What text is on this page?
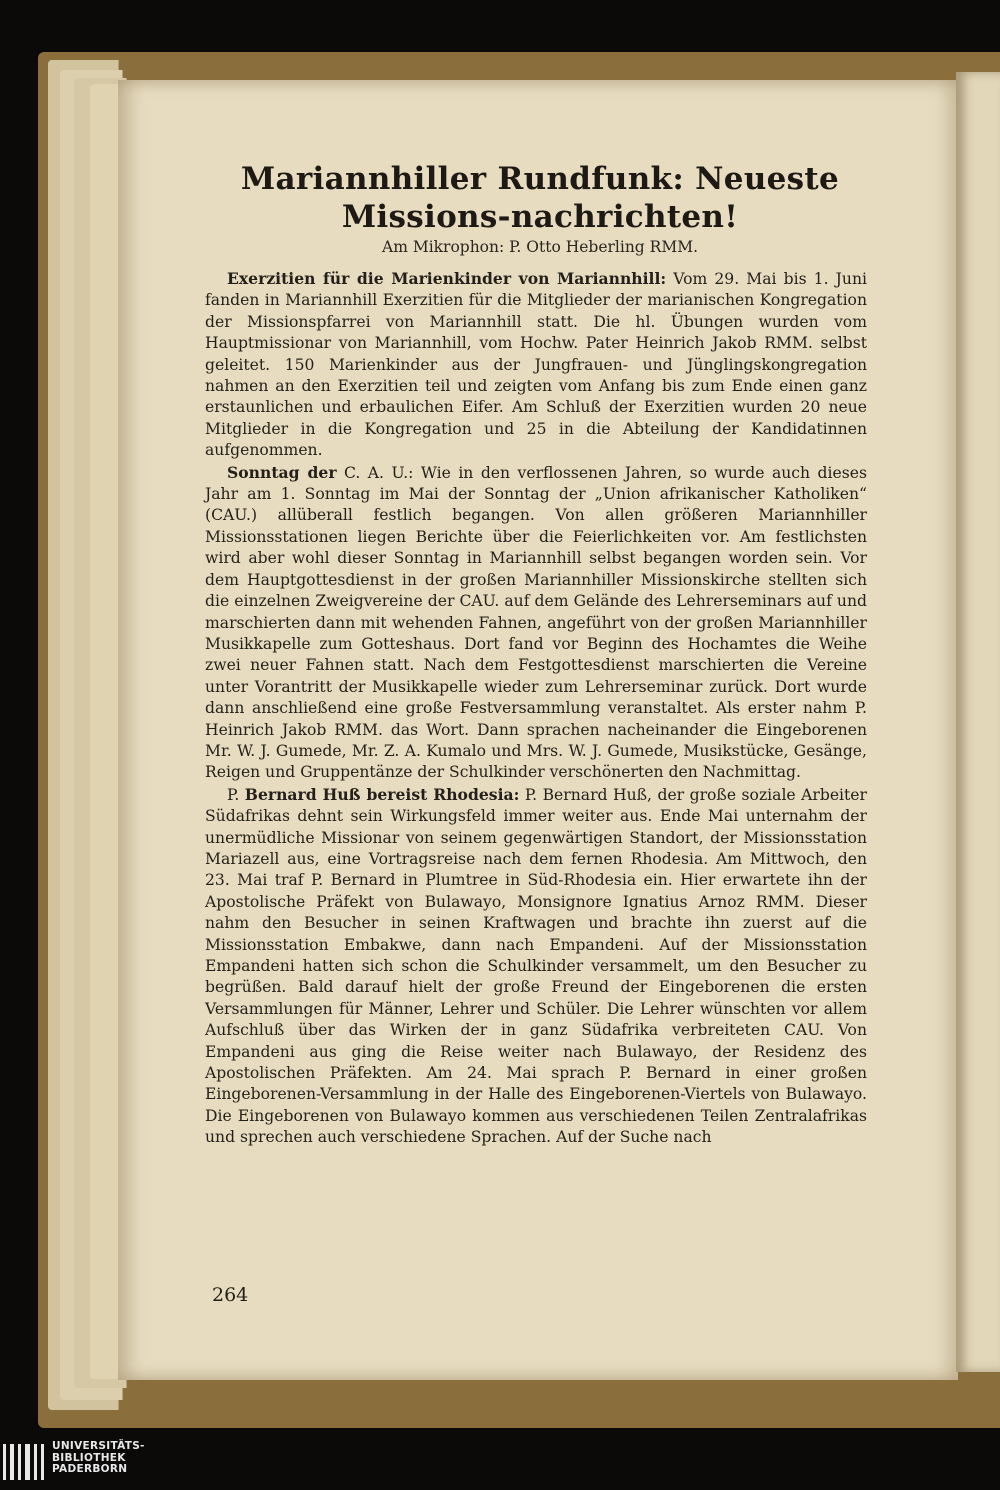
Mariannhiller Rundfunk: Neueste Missions-nachrichten!
Am Mikrophon: P. Otto Heberling RMM.

Exerzitien für die Marienkinder von Mariannhill: Vom 29. Mai bis 1. Juni fanden in Mariannhill Exerzitien für die Mitglieder der marianischen Kongregation der Missionspfarrei von Mariannhill statt. Die hl. Übungen wurden vom Hauptmissionar von Mariannhill, vom Hochw. Pater Heinrich Jakob RMM. selbst geleitet. 150 Marienkinder aus der Jungfrauen- und Jünglingskongregation nahmen an den Exerzitien teil und zeigten vom Anfang bis zum Ende einen ganz erstaunlichen und erbaulichen Eifer. Am Schluß der Exerzitien wurden 20 neue Mitglieder in die Kongregation und 25 in die Abteilung der Kandidatinnen aufgenommen.

Sonntag der C. A. U.: Wie in den verflossenen Jahren, so wurde auch dieses Jahr am 1. Sonntag im Mai der Sonntag der „Union afrikanischer Katholiken“ (CAU.) allüberall festlich begangen. Von allen größeren Mariannhiller Missionsstationen liegen Berichte über die Feierlichkeiten vor. Am festlichsten wird aber wohl dieser Sonntag in Mariannhill selbst begangen worden sein. Vor dem Hauptgottesdienst in der großen Mariannhiller Missionskirche stellten sich die einzelnen Zweigvereine der CAU. auf dem Gelände des Lehrerseminars auf und marschierten dann mit wehenden Fahnen, angeführt von der großen Mariannhiller Musikkapelle zum Gotteshaus. Dort fand vor Beginn des Hochamtes die Weihe zwei neuer Fahnen statt. Nach dem Festgottesdienst marschierten die Vereine unter Vorantritt der Musikkapelle wieder zum Lehrerseminar zurück. Dort wurde dann anschließend eine große Festversammlung veranstaltet. Als erster nahm P. Heinrich Jakob RMM. das Wort. Dann sprachen nacheinander die Eingeborenen Mr. W. J. Gumede, Mr. Z. A. Kumalo und Mrs. W. J. Gumede, Musikstücke, Gesänge, Reigen und Gruppentänze der Schulkinder verschönerten den Nachmittag.

P. Bernard Huß bereist Rhodesia: P. Bernard Huß, der große soziale Arbeiter Südafrikas dehnt sein Wirkungsfeld immer weiter aus. Ende Mai unternahm der unermüdliche Missionar von seinem gegenwärtigen Standort, der Missionsstation Mariazell aus, eine Vortragsreise nach dem fernen Rhodesia. Am Mittwoch, den 23. Mai traf P. Bernard in Plumtree in Süd-Rhodesia ein. Hier erwartete ihn der Apostolische Präfekt von Bulawayo, Monsignore Ignatius Arnoz RMM. Dieser nahm den Besucher in seinen Kraftwagen und brachte ihn zuerst auf die Missionsstation Embakwe, dann nach Empandeni. Auf der Missionsstation Empandeni hatten sich schon die Schulkinder versammelt, um den Besucher zu begrüßen. Bald darauf hielt der große Freund der Eingeborenen die ersten Versammlungen für Männer, Lehrer und Schüler. Die Lehrer wünschten vor allem Aufschluß über das Wirken der in ganz Südafrika verbreiteten CAU. Von Empandeni aus ging die Reise weiter nach Bulawayo, der Residenz des Apostolischen Präfekten. Am 24. Mai sprach P. Bernard in einer großen Eingeborenen-Versammlung in der Halle des Eingeborenen-Viertels von Bulawayo. Die Eingeborenen von Bulawayo kommen aus verschiedenen Teilen Zentralafrikas und sprechen auch verschiedene Sprachen. Auf der Suche nach

264
UNIVERSITÄTS-
BIBLIOTHEK
PADERBORN
